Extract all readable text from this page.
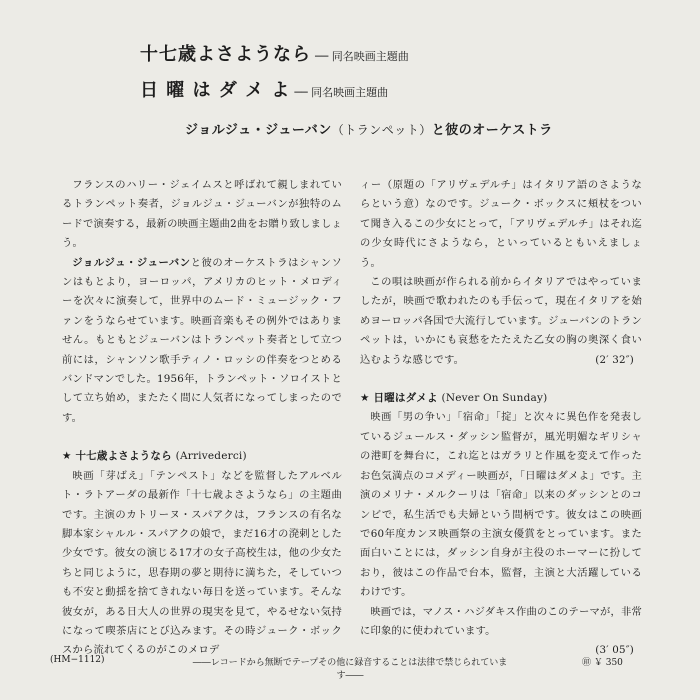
十七歳よさようなら ── 同名映画主題曲
日 曜 は ダ メ よ ── 同名映画主題曲
ジョルジュ・ジューバン（トランペット）と彼のオーケストラ

フランスのハリー・ジェイムスと呼ばれて親しまれているトランペット奏者，ジョルジュ・ジューバンが独特のムードで演奏する，最新の映画主題曲2曲をお贈り致しましょう。

ジョルジュ・ジューバンと彼のオーケストラはシャンソンはもとより，ヨーロッパ，アメリカのヒット・メロディーを次々に演奏して，世界中のムード・ミュージック・ファンをうならせています。映画音楽もその例外ではありません。もともとジューバンはトランペット奏者として立つ前には，シャンソン歌手ティノ・ロッシの伴奏をつとめるバンドマンでした。1956年，トランペット・ソロイストとして立ち始め，またたく間に人気者になってしまったのです。

★ 十七歳よさようなら (Arrivederci)

映画「芽ばえ」「テンペスト」などを監督したアルベルト・ラトアーダの最新作「十七歳よさようなら」の主題曲です。主演のカトリーヌ・スパアクは，フランスの有名な脚本家シャルル・スパアクの娘で，まだ16才の溌剌とした少女です。彼女の演じる17才の女子高校生は，他の少女たちと同じように，思春期の夢と期待に満ちた，そしていつも不安と動揺を捨てきれない毎日を送っています。そんな彼女が，ある日大人の世界の現実を見て，やるせない気持になって喫茶店にとび込みます。その時ジューク・ボックスから流れてくるのがこのメロデ

ィー（原題の「アリヴェデルチ」はイタリア語のさようならという意）なのです。ジューク・ボックスに頬杖をついて聞き入るこの少女にとって，「アリヴェデルチ」はそれ迄の少女時代にさようなら，といっているともいえましょう。

この唄は映画が作られる前からイタリアではやっていましたが，映画で歌われたのも手伝って，現在イタリアを始めヨーロッパ各国で大流行しています。ジューバンのトランペットは，いかにも哀愁をたたえた乙女の胸の奥深く食い込むような感じです。	(2′ 32″)

★ 日曜はダメよ (Never On Sunday)

映画「男の争い」「宿命」「掟」と次々に異色作を発表しているジュールス・ダッシン監督が，風光明媚なギリシャの港町を舞台に，これ迄とはガラリと作風を変えて作ったお色気満点のコメディー映画が，「日曜はダメよ」です。主演のメリナ・メルクーリは「宿命」以来のダッシンとのコンビで，私生活でも夫婦という間柄です。彼女はこの映画で60年度カンヌ映画祭の主演女優賞をとっています。また面白いことには，ダッシン自身が主役のホーマーに扮しており，彼はこの作品で台本，監督，主演と大活躍しているわけです。

映画では，マノス・ハジダキス作曲のこのテーマが，非常に印象的に使われています。

(3′ 05″)
(HM−1112)	――レコードから無断でテープその他に録音することは法律で禁じられています――
㊞ ￥ 350
